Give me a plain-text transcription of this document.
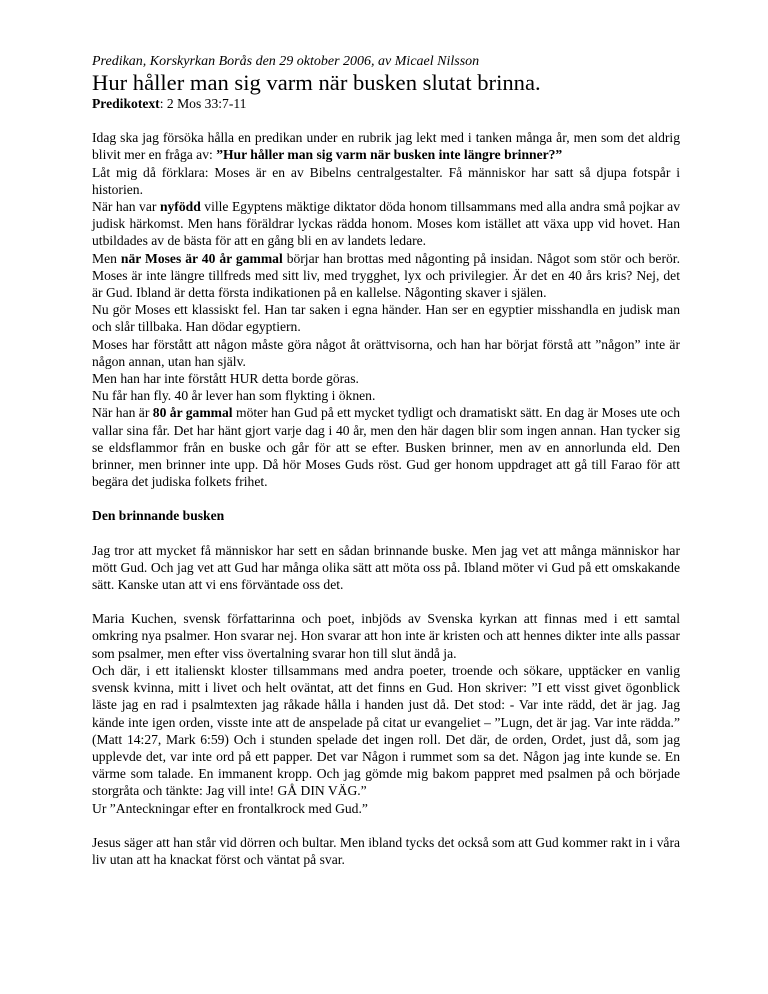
Predikan, Korskyrkan Borås den 29 oktober 2006, av Micael Nilsson

Hur håller man sig varm när busken slutat brinna.

Predikotext: 2 Mos 33:7-11

Idag ska jag försöka hålla en predikan under en rubrik jag lekt med i tanken många år, men som det aldrig blivit mer en fråga av: ”Hur håller man sig varm när busken inte längre brinner?”

Låt mig då förklara: Moses är en av Bibelns centralgestalter. Få människor har satt så djupa fotspår i historien.

När han var nyfödd ville Egyptens mäktige diktator döda honom tillsammans med alla andra små pojkar av judisk härkomst. Men hans föräldrar lyckas rädda honom. Moses kom istället att växa upp vid hovet. Han utbildades av de bästa för att en gång bli en av landets ledare.

Men när Moses är 40 år gammal börjar han brottas med någonting på insidan. Något som stör och berör. Moses är inte längre tillfreds med sitt liv, med trygghet, lyx och privilegier. Är det en 40 års kris? Nej, det är Gud. Ibland är detta första indikationen på en kallelse. Någonting skaver i själen.

Nu gör Moses ett klassiskt fel. Han tar saken i egna händer. Han ser en egyptier misshandla en judisk man och slår tillbaka. Han dödar egyptiern.

Moses har förstått att någon måste göra något åt orättvisorna, och han har börjat förstå att ”någon” inte är någon annan, utan han själv.

Men han har inte förstått HUR detta borde göras.

Nu får han fly. 40 år lever han som flykting i öknen.

När han är 80 år gammal möter han Gud på ett mycket tydligt och dramatiskt sätt. En dag är Moses ute och vallar sina får. Det har hänt gjort varje dag i 40 år, men den här dagen blir som ingen annan. Han tycker sig se eldsflammor från en buske och går för att se efter. Busken brinner, men av en annorlunda eld. Den brinner, men brinner inte upp. Då hör Moses Guds röst. Gud ger honom uppdraget att gå till Farao för att begära det judiska folkets frihet.

Den brinnande busken

Jag tror att mycket få människor har sett en sådan brinnande buske. Men jag vet att många människor har mött Gud. Och jag vet att Gud har många olika sätt att möta oss på. Ibland möter vi Gud på ett omskakande sätt. Kanske utan att vi ens förväntade oss det.

Maria Kuchen, svensk författarinna och poet, inbjöds av Svenska kyrkan att finnas med i ett samtal omkring nya psalmer. Hon svarar nej. Hon svarar att hon inte är kristen och att hennes dikter inte alls passar som psalmer, men efter viss övertalning svarar hon till slut ändå ja.

Och där, i ett italienskt kloster tillsammans med andra poeter, troende och sökare, upptäcker en vanlig svensk kvinna, mitt i livet och helt oväntat, att det finns en Gud. Hon skriver: ”I ett visst givet ögonblick läste jag en rad i psalmtexten jag råkade hålla i handen just då. Det stod: - Var inte rädd, det är jag. Jag kände inte igen orden, visste inte att de anspelade på citat ur evangeliet – ”Lugn, det är jag. Var inte rädda.” (Matt 14:27, Mark 6:59) Och i stunden spelade det ingen roll. Det där, de orden, Ordet, just då, som jag upplevde det, var inte ord på ett papper. Det var Någon i rummet som sa det. Någon jag inte kunde se. En värme som talade. En immanent kropp. Och jag gömde mig bakom pappret med psalmen på och började storgråta och tänkte: Jag vill inte! GÅ DIN VÄG.”

Ur ”Anteckningar efter en frontalkrock med Gud.”

Jesus säger att han står vid dörren och bultar. Men ibland tycks det också som att Gud kommer rakt in i våra liv utan att ha knackat först och väntat på svar.
